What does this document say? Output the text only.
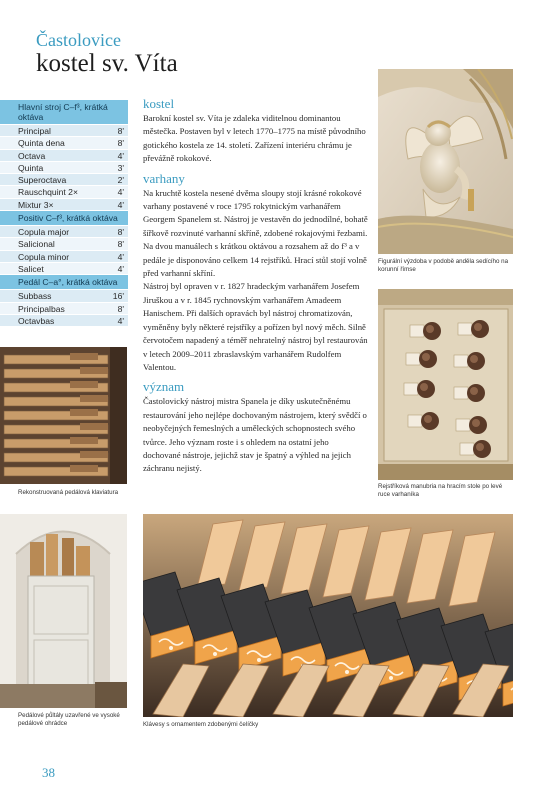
Častolovice
kostel sv. Víta
Hlavní stroj C–f³, krátká oktáva
Principal	8'
Quinta dena	8'
Octava	4'
Quinta	3'
Superoctava	2'
Rauschquint 2×	4'
Mixtur 3×	4'
Positiv C–f³, krátká oktáva
Copula major	8'
Salicional	8'
Copula minor	4'
Salicet	4'
Pedál C–a°, krátká oktáva
Subbass	16'
Principalbas	8'
Octavbas	4'
kostel

Barokní kostel sv. Víta je zdaleka viditelnou dominantou městečka. Postaven byl v letech 1770–1775 na místě původního gotického kostela ze 14. století. Zařízení interiéru chrámu je převážně rokokové.

varhany

Na kruchtě kostela nesené dvěma sloupy stojí krásné rokokové varhany postavené v roce 1795 rokytnickým varhanářem Georgem Spanelem st. Nástroj je vestavěn do jednodílné, bohatě šířkově rozvinuté varhanní skříně, zdobené rokajovými řezbami. Na dvou manuálech s krátkou oktávou a rozsahem až do f³ a v pedále je disponováno celkem 14 rejstříků. Hrací stůl stojí volně před varhanní skříní.

Nástroj byl opraven v r. 1827 hradeckým varhanářem Josefem Jiruškou a v r. 1845 rychnovským varhanářem Amadeem Hanischem. Při dalších opravách byl nástroj chromatizován, vyměněny byly některé rejstříky a pořízen byl nový měch. Silně červotočem napadený a téměř nehratelný nástroj byl restaurován v letech 2009–2011 zbraslavským varhanářem Rudolfem Valentou.

význam

Častolovický nástroj mistra Spanela je díky uskutečněnému restaurování jeho nejlépe dochovaným nástrojem, který svědčí o neobyčejných řemeslných a uměleckých schopnostech svého tvůrce. Jeho význam roste i s ohledem na ostatní jeho dochované nástroje, jejichž stav je špatný a výhled na jejich záchranu nejistý.

Figurální výzdoba v podobě anděla sedícího na korunní římse
Rejstříková manubria na hracím stole po levé ruce varhaníka
Rekonstruovaná pedálová klaviatura
Pedálové půltály uzavřené ve vysoké pedálové ohrádce	Klávesy s ornamentem zdobenými čelíčky
38
